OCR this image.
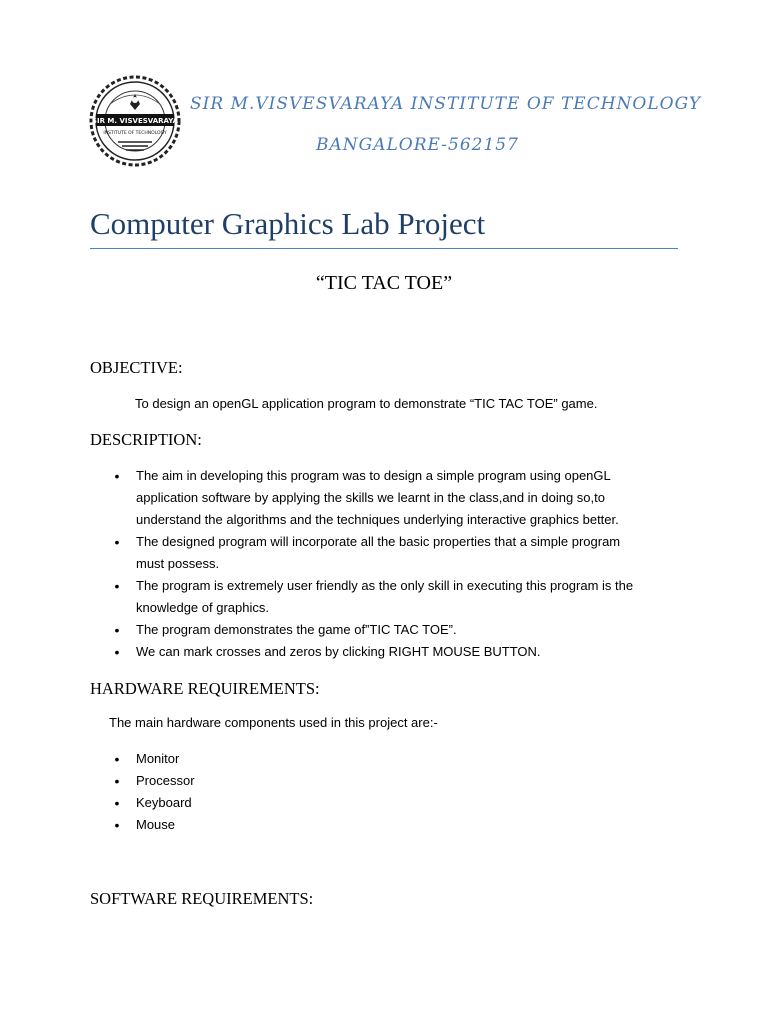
SIR M. VISVESVARAYA
INSTITUTE OF TECHNOLOGY
SIR M.VISVESVARAYA INSTITUTE OF TECHNOLOGY
BANGALORE-562157
Computer Graphics Lab Project
“TIC TAC TOE”
OBJECTIVE:
To design an openGL application program to demonstrate “TIC TAC TOE” game.
DESCRIPTION:
• The aim in developing this program was to design a simple program using openGL
application software by applying the skills we learnt in the class,and in doing so,to
understand the algorithms and the techniques underlying interactive graphics better.
• The designed program will incorporate all the basic properties that a simple program
must possess.
• The program is extremely user friendly as the only skill in executing this program is the
knowledge of graphics.
• The program demonstrates the game of”TIC TAC TOE”.
• We can mark crosses and zeros by clicking RIGHT MOUSE BUTTON.
HARDWARE REQUIREMENTS:
The main hardware components used in this project are:-
• Monitor
• Processor
• Keyboard
• Mouse
SOFTWARE REQUIREMENTS:
